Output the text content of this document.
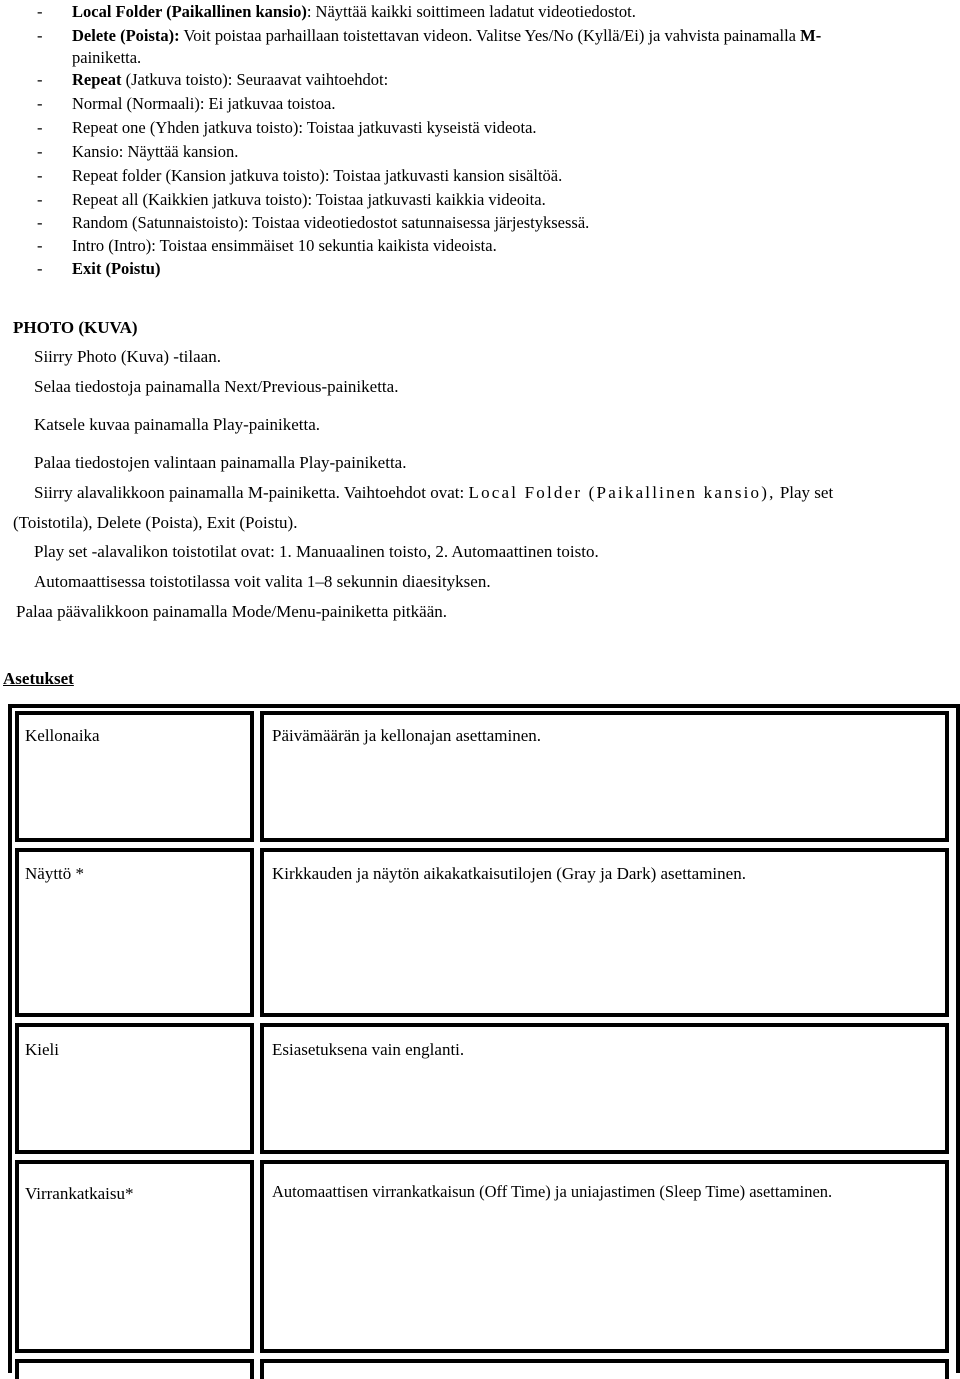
-	Local Folder (Paikallinen kansio): Näyttää kaikki soittimeen ladatut videotiedostot.
-	Delete (Poista): Voit poistaa parhaillaan toistettavan videon. Valitse Yes/No (Kyllä/Ei) ja vahvista painamalla M-
painiketta.
-	Repeat (Jatkuva toisto): Seuraavat vaihtoehdot:
-	Normal (Normaali): Ei jatkuvaa toistoa.
-	Repeat one (Yhden jatkuva toisto): Toistaa jatkuvasti kyseistä videota.
-	Kansio: Näyttää kansion.
-	Repeat folder (Kansion jatkuva toisto): Toistaa jatkuvasti kansion sisältöä.
-	Repeat all (Kaikkien jatkuva toisto): Toistaa jatkuvasti kaikkia videoita.
-	Random (Satunnaistoisto): Toistaa videotiedostot satunnaisessa järjestyksessä.
-	Intro (Intro): Toistaa ensimmäiset 10 sekuntia kaikista videoista.
-	Exit (Poistu)
PHOTO (KUVA)
Siirry Photo (Kuva) -tilaan.
Selaa tiedostoja painamalla Next/Previous-painiketta.
Katsele kuvaa painamalla Play-painiketta.
Palaa tiedostojen valintaan painamalla Play-painiketta.
Siirry alavalikkoon painamalla M-painiketta. Vaihtoehdot ovat: Local Folder (Paikallinen kansio), Play set
(Toistotila), Delete (Poista), Exit (Poistu).
Play set -alavalikon toistotilat ovat: 1. Manuaalinen toisto, 2. Automaattinen toisto.
Automaattisessa toistotilassa voit valita 1–8 sekunnin diaesityksen.
Palaa päävalikkoon painamalla Mode/Menu-painiketta pitkään.
Asetukset
Kellonaika	Päivämäärän ja kellonajan asettaminen.
Näyttö *	Kirkkauden ja näytön aikakatkaisutilojen (Gray ja Dark) asettaminen.
Kieli	Esiasetuksena vain englanti.
Virrankatkaisu*	Automaattisen virrankatkaisun (Off Time) ja uniajastimen (Sleep Time) asettaminen.
